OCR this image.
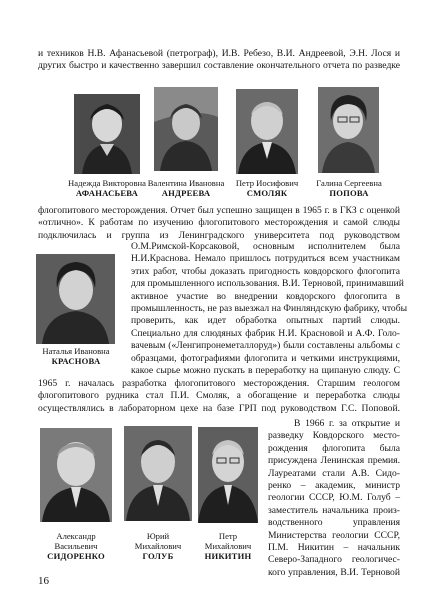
и техников Н.В. Афанасьевой (петрограф), И.В. Ребезо, В.И. Андреевой, Э.Н. Лося и
других быстро и качественно завершил составление окончательного отчета по разведке
Надежда Викторовна
АФАНАСЬЕВА
Валентина Ивановна
АНДРЕЕВА
Петр Иосифович
СМОЛЯК
Галина Сергеевна
ПОПОВА
флогопитового месторождения. Отчет был успешно защищен в 1965 г. в ГКЗ с оценкой
«отлично». К работам по изучению флогопитового месторождения и самой слюды
подключилась и группа из Ленинградского университета под руководством
Наталья Ивановна
КРАСНОВА
О.М.Римской-Корсаковой, основным исполнителем была
Н.И.Краснова. Немало пришлось потрудиться всем участникам
этих работ, чтобы доказать пригодность ковдорского флогопита
для промышленного использования. В.И. Терновой, принимавший
активное участие во внедрении ковдорского флогопита в
промышленность, не раз выезжал на Финляндскую фабрику, чтобы
проверить, как идет обработка опытных партий слюды.
Специально для слюдяных фабрик Н.И. Красновой и А.Ф. Голо-
вачевым («Ленгипронеметаллоруд») были составлены альбомы с
образцами, фотографиями флогопита и четкими инструкциями,
какое сырье можно пускать в переработку на щипаную слюду. С
1965 г. началась разработка флогопитового месторождения. Старшим геологом
флогопитового рудника стал П.И. Смоляк, а обогащение и переработка слюды
осуществлялись в лабораторном цехе на базе ГРП под руководством Г.С. Поповой.
Александр
Васильевич
СИДОРЕНКО
Юрий
Михайлович
ГОЛУБ
Петр
Михайлович
НИКИТИН
В 1966 г. за открытие и
разведку Ковдорского место-
рождения флогопита была
присуждена Ленинская премия.
Лауреатами стали А.В. Сидо-
ренко – академик, министр
геологии СССР, Ю.М. Голуб –
заместитель начальника произ-
водственного управления
Министерства геологии СССР,
П.М. Никитин – начальник
Северо-Западного геологичес-
кого управления, В.И. Терновой
16
